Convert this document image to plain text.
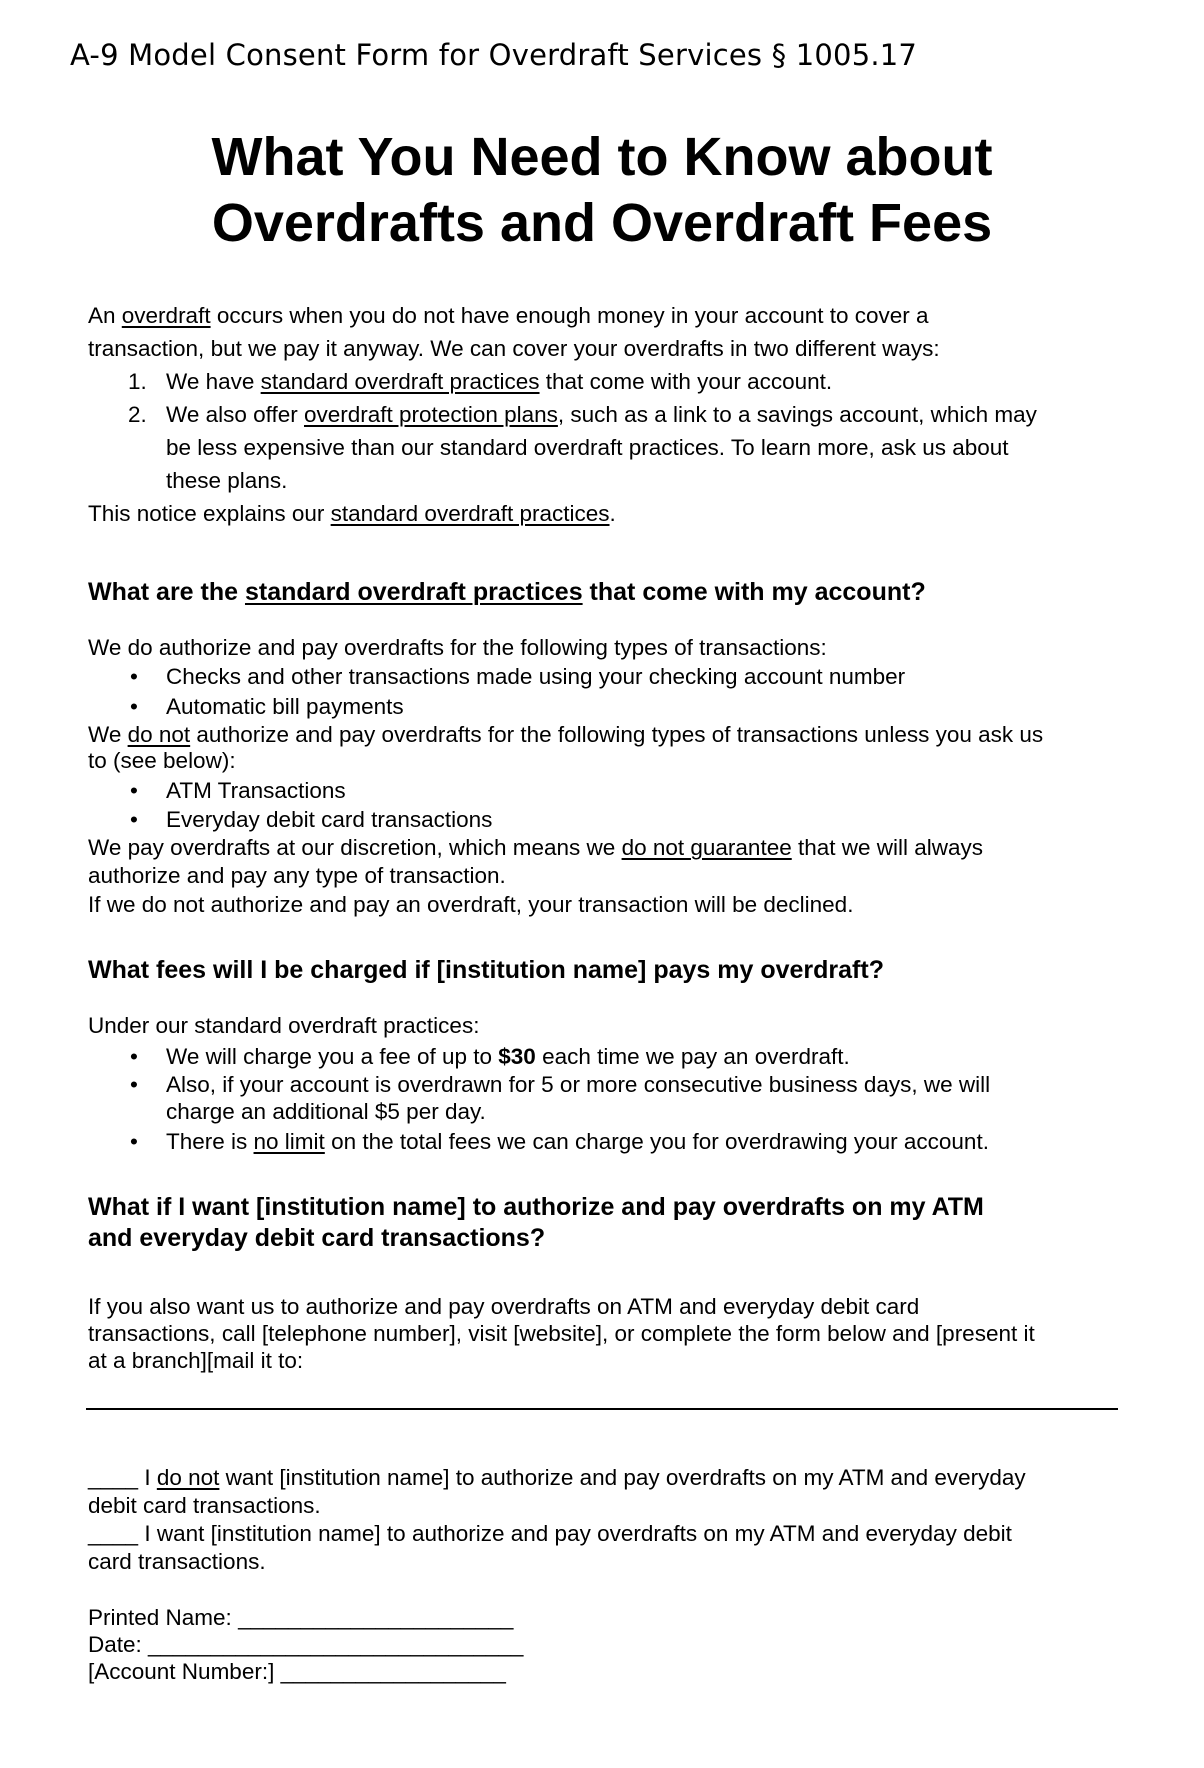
A-9 Model Consent Form for Overdraft Services § 1005.17
What You Need to Know about
Overdrafts and Overdraft Fees
An overdraft occurs when you do not have enough money in your account to cover a
transaction, but we pay it anyway. We can cover your overdrafts in two different ways:
1. We have standard overdraft practices that come with your account.
2. We also offer overdraft protection plans, such as a link to a savings account, which may
be less expensive than our standard overdraft practices. To learn more, ask us about
these plans.
This notice explains our standard overdraft practices.
What are the standard overdraft practices that come with my account?
We do authorize and pay overdrafts for the following types of transactions:
• Checks and other transactions made using your checking account number
• Automatic bill payments
We do not authorize and pay overdrafts for the following types of transactions unless you ask us
to (see below):
• ATM Transactions
• Everyday debit card transactions
We pay overdrafts at our discretion, which means we do not guarantee that we will always
authorize and pay any type of transaction.
If we do not authorize and pay an overdraft, your transaction will be declined.
What fees will I be charged if [institution name] pays my overdraft?
Under our standard overdraft practices:
• We will charge you a fee of up to $30 each time we pay an overdraft.
• Also, if your account is overdrawn for 5 or more consecutive business days, we will
charge an additional $5 per day.
• There is no limit on the total fees we can charge you for overdrawing your account.
What if I want [institution name] to authorize and pay overdrafts on my ATM
and everyday debit card transactions?
If you also want us to authorize and pay overdrafts on ATM and everyday debit card
transactions, call [telephone number], visit [website], or complete the form below and [present it
at a branch][mail it to:
____ I do not want [institution name] to authorize and pay overdrafts on my ATM and everyday
debit card transactions.
____ I want [institution name] to authorize and pay overdrafts on my ATM and everyday debit
card transactions.
Printed Name: ______________________
Date: ______________________________
[Account Number:] __________________
